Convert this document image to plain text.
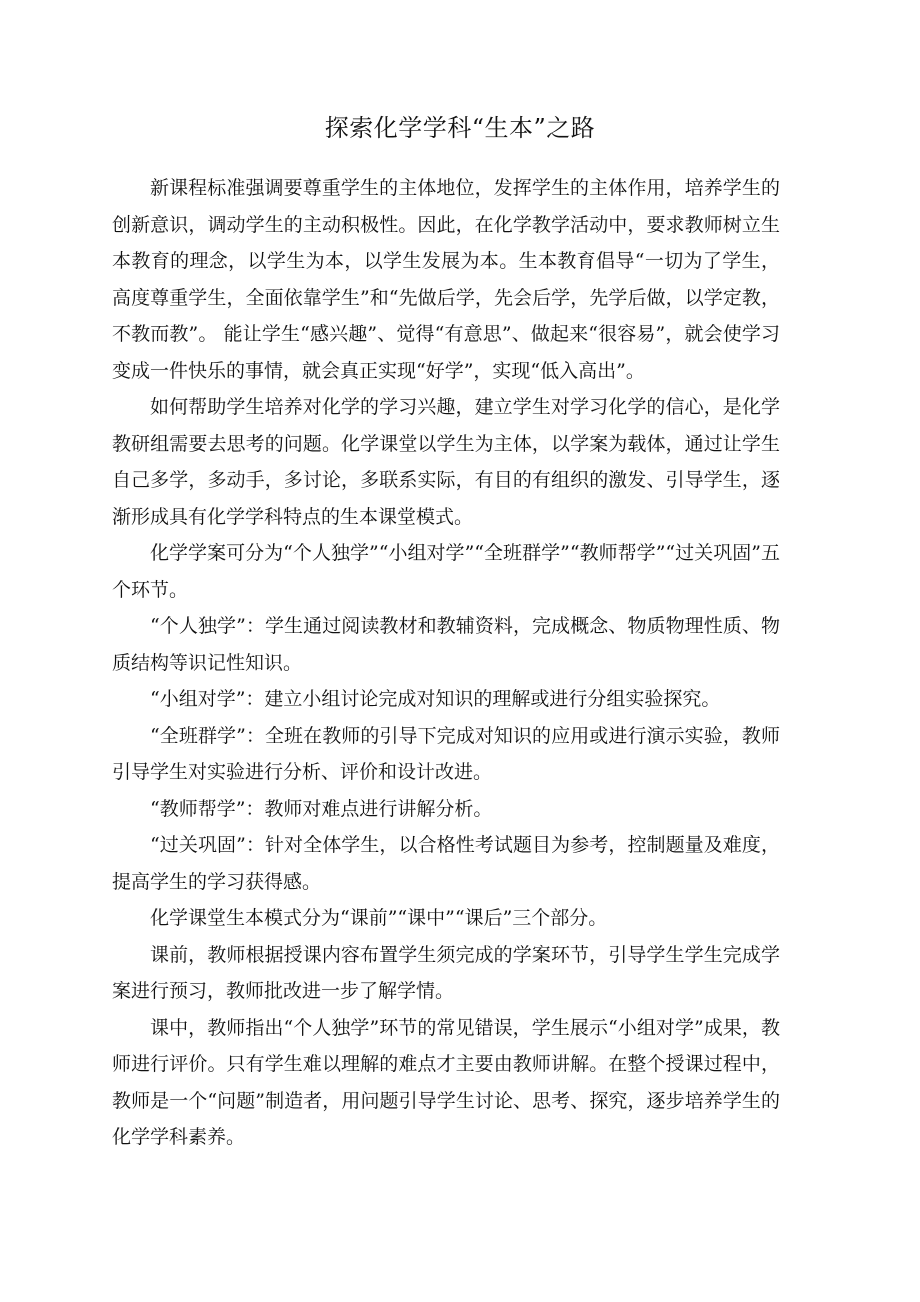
探索化学学科“生本”之路

新课程标准强调要尊重学生的主体地位，发挥学生的主体作用，培养学生的创新意识，调动学生的主动积极性。因此，在化学教学活动中，要求教师树立生本教育的理念，以学生为本，以学生发展为本。生本教育倡导“一切为了学生，高度尊重学生，全面依靠学生”和“先做后学，先会后学，先学后做，以学定教，不教而教”。 能让学生“感兴趣”、觉得“有意思”、做起来“很容易”，就会使学习变成一件快乐的事情，就会真正实现“好学”，实现“低入高出”。

如何帮助学生培养对化学的学习兴趣，建立学生对学习化学的信心，是化学教研组需要去思考的问题。化学课堂以学生为主体，以学案为载体，通过让学生自己多学，多动手，多讨论，多联系实际，有目的有组织的激发、引导学生，逐渐形成具有化学学科特点的生本课堂模式。

化学学案可分为“个人独学”“小组对学”“全班群学”“教师帮学”“过关巩固”五个环节。

“个人独学”：学生通过阅读教材和教辅资料，完成概念、物质物理性质、物质结构等识记性知识。

“小组对学”：建立小组讨论完成对知识的理解或进行分组实验探究。

“全班群学”：全班在教师的引导下完成对知识的应用或进行演示实验，教师引导学生对实验进行分析、评价和设计改进。

“教师帮学”：教师对难点进行讲解分析。

“过关巩固”：针对全体学生，以合格性考试题目为参考，控制题量及难度，提高学生的学习获得感。

化学课堂生本模式分为“课前”“课中”“课后”三个部分。

课前，教师根据授课内容布置学生须完成的学案环节，引导学生学生完成学案进行预习，教师批改进一步了解学情。

课中，教师指出“个人独学”环节的常见错误，学生展示“小组对学”成果，教师进行评价。只有学生难以理解的难点才主要由教师讲解。在整个授课过程中，教师是一个“问题”制造者，用问题引导学生讨论、思考、探究，逐步培养学生的化学学科素养。
